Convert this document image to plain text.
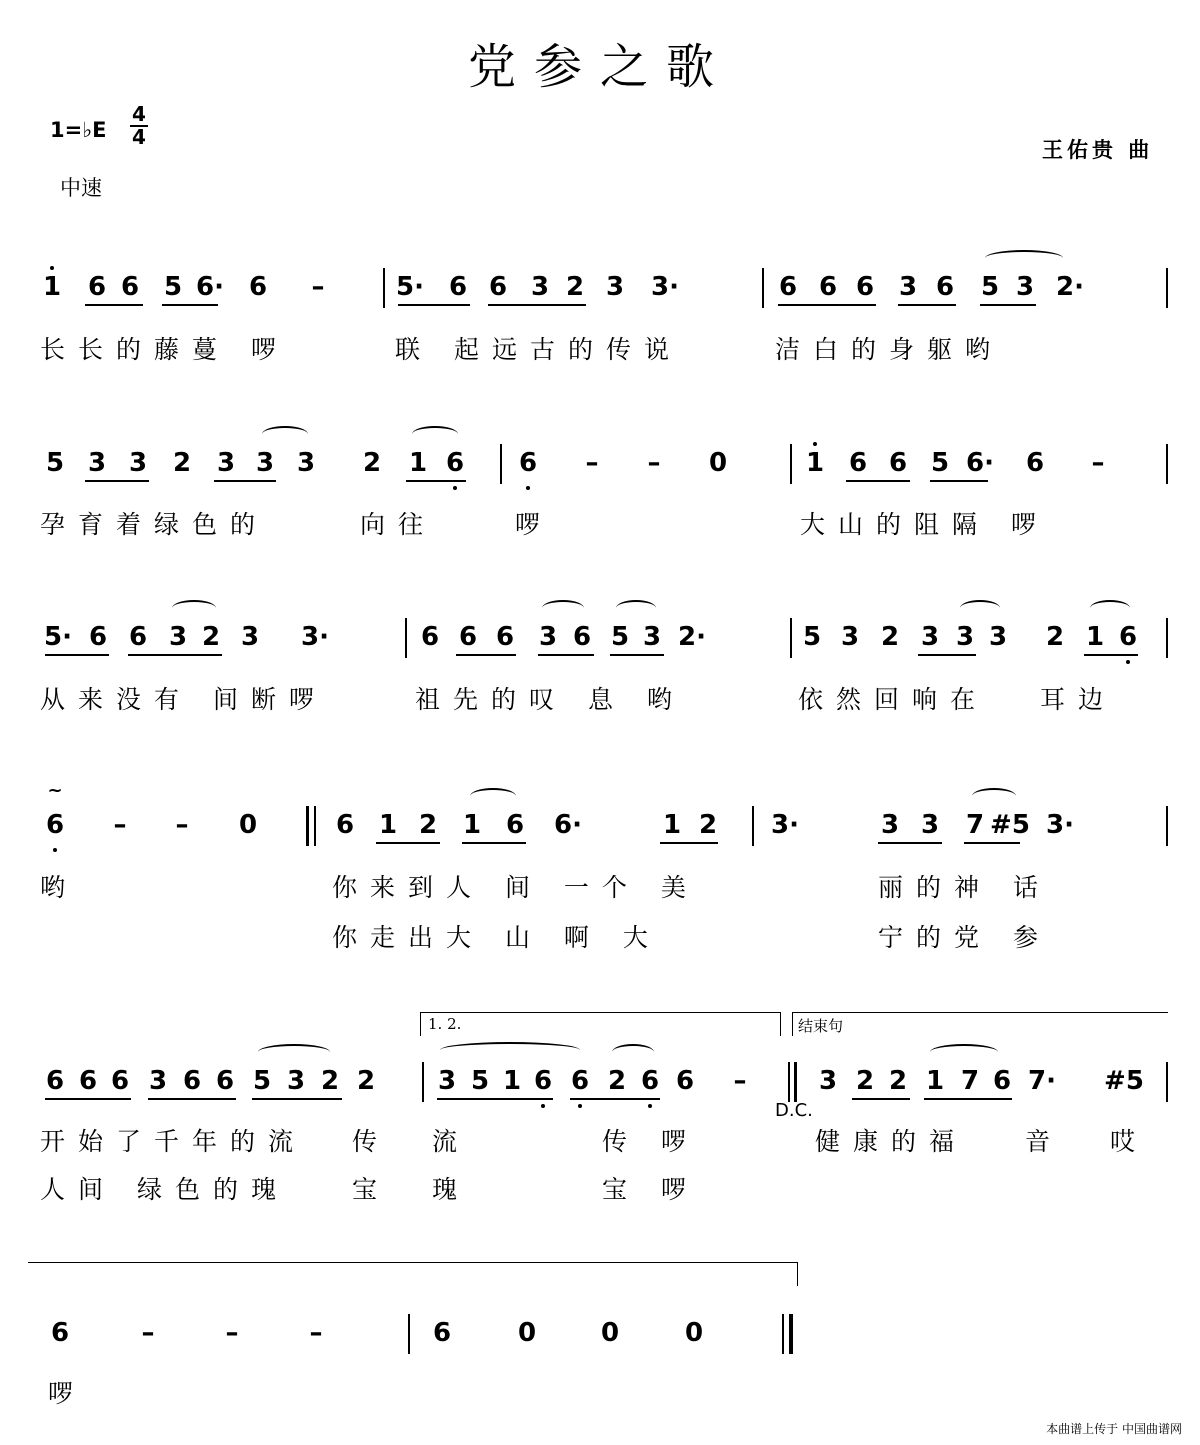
党参之歌
1=♭E
4
4
中速
王佑贵 曲
1 6 6 5 6· 6 –	5· 6 6 3 2 3 3·	6 6 6 3 6 5 3 2·
长长的藤蔓 啰	联 起远古的传说	洁白的身躯哟
5 3 3 2 3 3 3 2 1 6 6 – – 0	1 6 6 5 6· 6 –
孕育着绿色的	向往	啰	大山的阻隔 啰
5· 6 6 3 2 3 3·	6 6 6 3 6 5 3 2·	5 3 2 3 3 3 2 1 6
从来没有 间断啰	祖先的叹 息 哟	依然回响在 耳边
~
6 – – 0	6 1 2 1 6 6·	1 2 3·	3 3 7 #5 3·
哟	你来到人 间 一个 美	丽的神 话
你走出大 山 啊 大	宁的党 参
1. 2.	结束句
6 6 6 3 6 6 5 3 2 2 3 5 1 6 6 2 6 6 –	3 2 2 1 7 6 7· #5
D.C.
开始了千年的流 传 流	传 啰	健康的福 音 哎
人间 绿色的瑰	宝 瑰	宝 啰
6	–	–	–	6	0 0	0
啰
本曲谱上传于 中国曲谱网
